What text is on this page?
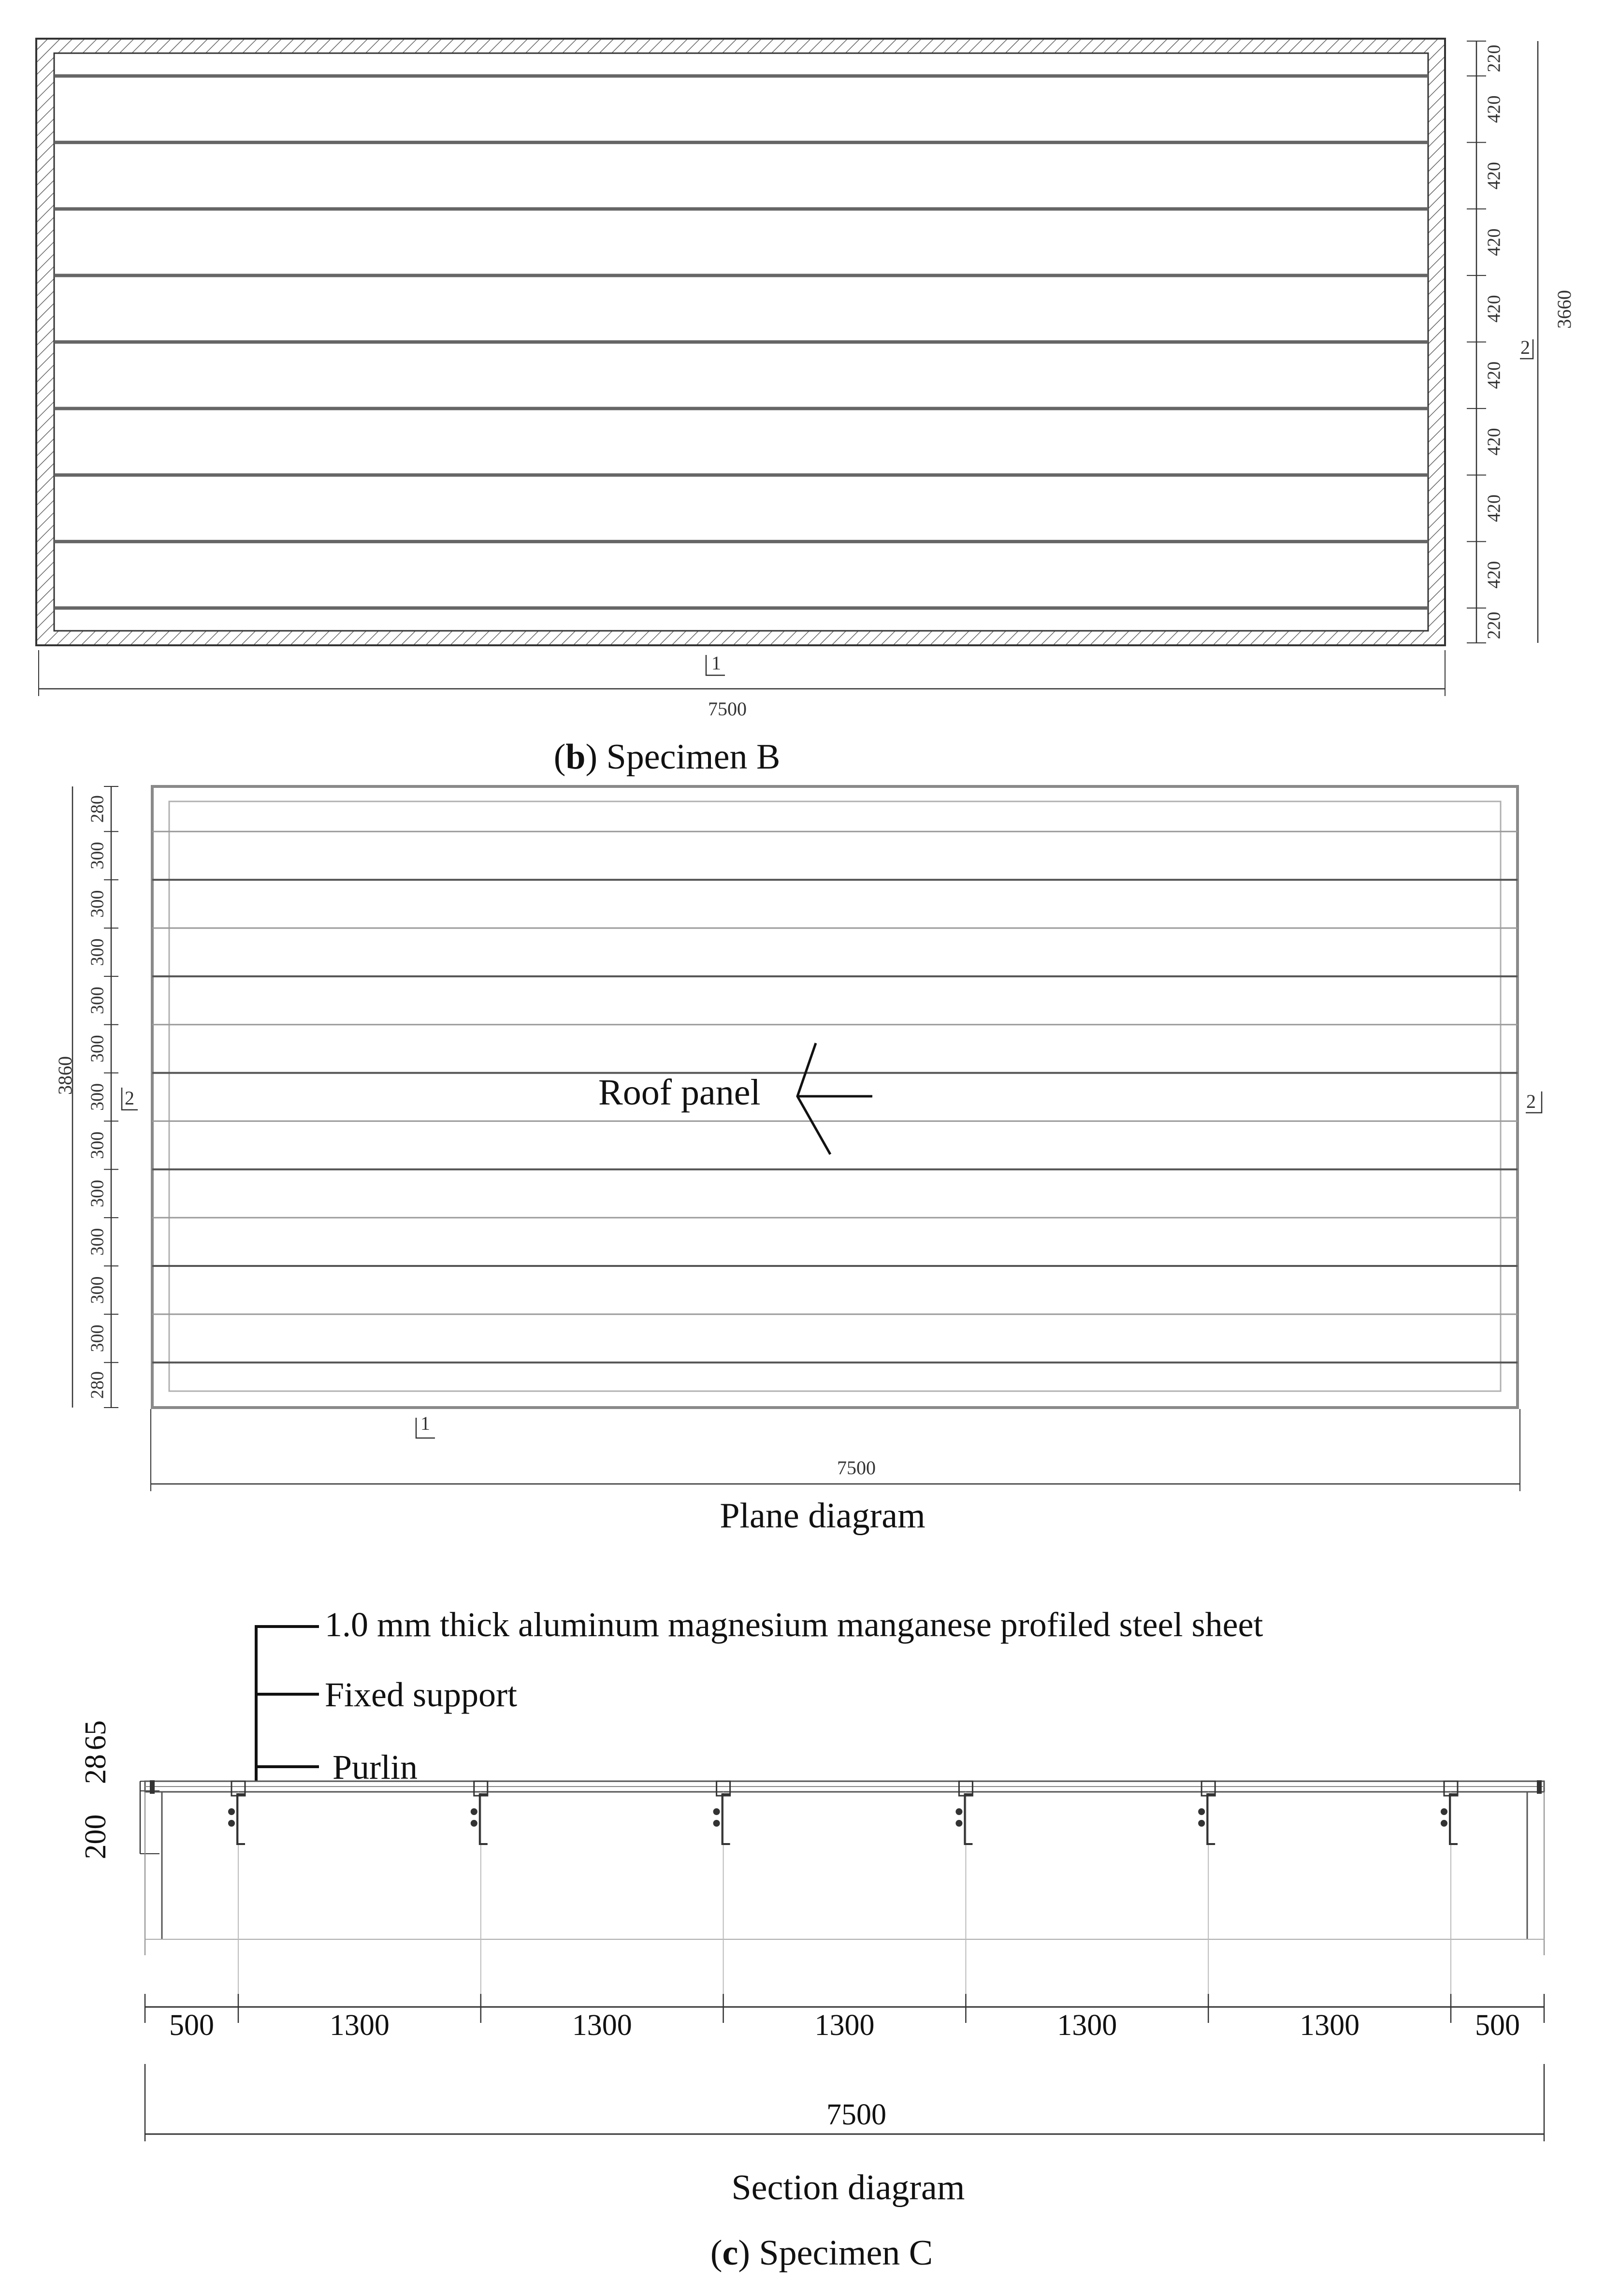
220
420
420
420
420
420
420
420
420
220
3660
2
1
7500
(b) Specimen B
280
300
300
300
300
300
300
300
300
300
300
300
280
3860
2	2
Roof panel
1
7500
Plane diagram
1.0 mm thick aluminum magnesium manganese profiled steel sheet
Fixed support
Purlin
200
28
65
500	1300	1300	1300	1300	1300	500
7500
Section diagram
(c) Specimen C
